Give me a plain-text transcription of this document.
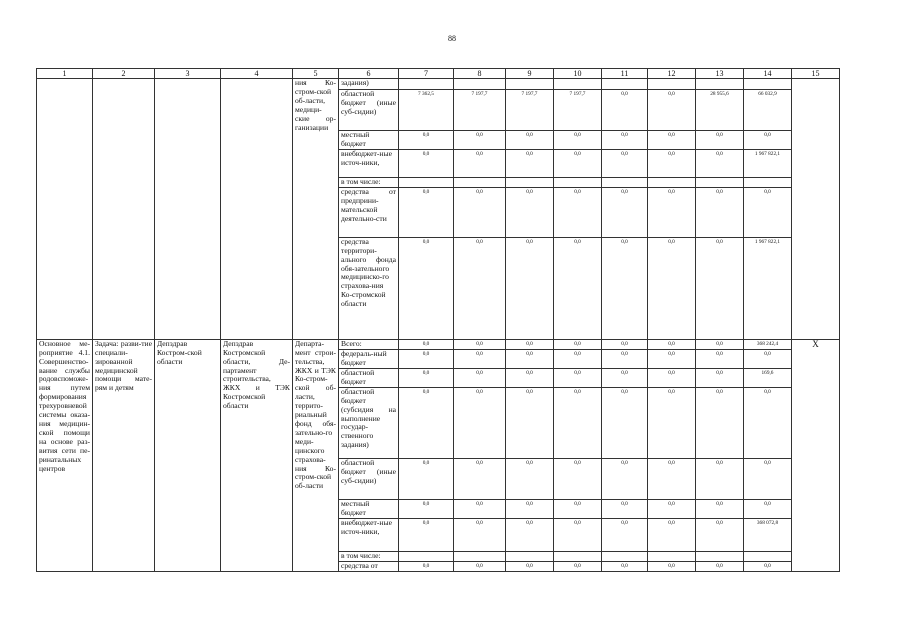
88
1	2	3	4	5	6	7	8	9	10	11	12	13	14	15
				ния Ко-стром-ской об-ласти, медици-ские ор-ганизации	задания)									
					областной бюджет (иные суб-сидии)	7 362,5	7 197,7	7 197,7	7 197,7	0,0	0,0	28 955,6	66 032,9	
					местный бюджет	0,0	0,0	0,0	0,0	0,0	0,0	0,0	0,0	
					внебюджет-ные источ-ники,	0,0	0,0	0,0	0,0	0,0	0,0	0,0	1 967 822,1	
					в том числе:									
					средства от предприни-мательской деятельно-сти	0,0	0,0	0,0	0,0	0,0	0,0	0,0	0,0	
					средства территори-ального фонда обя-зательного медицинско-го страхова-ния Ко-стромской области	0,0	0,0	0,0	0,0	0,0	0,0	0,0	1 967 822,1	
Основное ме-роприятие 4.1. Совершенство-вание службы родовспоможе-ния путем формирования трехуровневой системы оказа-ния медицин-ской помощи на основе раз-вития сети пе-ринатальных центров	Задача: разви-тие специали-зированной медицинской помощи мате-рям и детям	Депздрав Костром-ской области	Депздрав Костромской области, Де-партамент строительства, ЖКХ и ТЭК Костромской области	Департа-мент строи-тельства, ЖКХ и ТЭК Ко-стром-ской об-ласти, террито-риальный фонд обя-зательно-го меди-цинского страхова-ния Ко-стром-ской об-ласти	Всего:	0,0	0,0	0,0	0,0	0,0	0,0	0,0	368 242,4	X
					федераль-ный бюджет	0,0	0,0	0,0	0,0	0,0	0,0	0,0	0,0	
					областной бюджет	0,0	0,0	0,0	0,0	0,0	0,0	0,0	169,6	
					областной бюджет (субсидия на выполнение государ-ственного задания)	0,0	0,0	0,0	0,0	0,0	0,0	0,0	0,0	
					областной бюджет (иные суб-сидии)	0,0	0,0	0,0	0,0	0,0	0,0	0,0	0,0	
					местный бюджет	0,0	0,0	0,0	0,0	0,0	0,0	0,0	0,0	
					внебюджет-ные источ-ники,	0,0	0,0	0,0	0,0	0,0	0,0	0,0	368 072,8	
					в том числе:									
					средства от	0,0	0,0	0,0	0,0	0,0	0,0	0,0	0,0	
